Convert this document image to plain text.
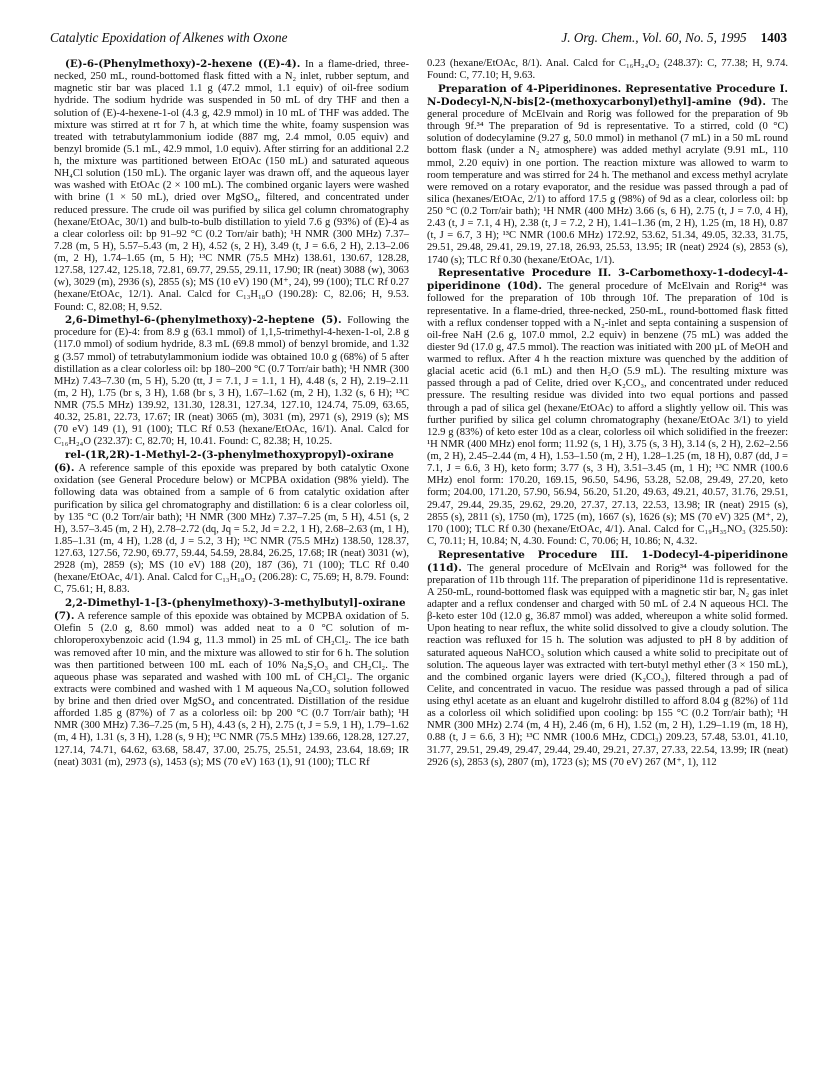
Catalytic Epoxidation of Alkenes with Oxone	J. Org. Chem., Vol. 60, No. 5, 1995 1403

(E)-6-(Phenylmethoxy)-2-hexene ((E)-4). In a flame-dried, three-necked, 250 mL, round-bottomed flask fitted with a N₂ inlet, rubber septum, and magnetic stir bar was placed 1.1 g (47.2 mmol, 1.1 equiv) of oil-free sodium hydride. The sodium hydride was suspended in 50 mL of dry THF and then a solution of (E)-4-hexene-1-ol (4.3 g, 42.9 mmol) in 10 mL of THF was added. The mixture was stirred at rt for 7 h, at which time the white, foamy suspension was treated with tetrabutylammonium iodide (887 mg, 2.4 mmol, 0.05 equiv) and benzyl bromide (5.1 mL, 42.9 mmol, 1.0 equiv). After stirring for an additional 2.2 h, the mixture was partitioned between EtOAc (150 mL) and saturated aqueous NH₄Cl solution (150 mL). The organic layer was drawn off, and the aqueous layer was washed with EtOAc (2 × 100 mL). The combined organic layers were washed with brine (1 × 50 mL), dried over MgSO₄, filtered, and concentrated under reduced pressure. The crude oil was purified by silica gel column chromatography (hexane/EtOAc, 30/1) and bulb-to-bulb distillation to yield 7.6 g (93%) of (E)-4 as a clear colorless oil: bp 91–92 °C (0.2 Torr/air bath); ¹H NMR (300 MHz) 7.37–7.28 (m, 5 H), 5.57–5.43 (m, 2 H), 4.52 (s, 2 H), 3.49 (t, J = 6.6, 2 H), 2.13–2.06 (m, 2 H), 1.74–1.65 (m, 5 H); ¹³C NMR (75.5 MHz) 138.61, 130.67, 128.28, 127.58, 127.42, 125.18, 72.81, 69.77, 29.55, 29.11, 17.90; IR (neat) 3088 (w), 3063 (w), 3029 (m), 2936 (s), 2855 (s); MS (10 eV) 190 (M⁺, 24), 99 (100); TLC Rf 0.27 (hexane/EtOAc, 12/1). Anal. Calcd for C₁₃H₁₈O (190.28): C, 82.06; H, 9.53. Found: C, 82.08; H, 9.52.

2,6-Dimethyl-6-(phenylmethoxy)-2-heptene (5). Following the procedure for (E)-4: from 8.9 g (63.1 mmol) of 1,1,5-trimethyl-4-hexen-1-ol, 2.8 g (117.0 mmol) of sodium hydride, 8.3 mL (69.8 mmol) of benzyl bromide, and 1.32 g (3.57 mmol) of tetrabutylammonium iodide was obtained 10.0 g (68%) of 5 after distillation as a clear colorless oil: bp 180–200 °C (0.7 Torr/air bath); ¹H NMR (300 MHz) 7.43–7.30 (m, 5 H), 5.20 (tt, J = 7.1, J = 1.1, 1 H), 4.48 (s, 2 H), 2.19–2.11 (m, 2 H), 1.75 (br s, 3 H), 1.68 (br s, 3 H), 1.67–1.62 (m, 2 H), 1.32 (s, 6 H); ¹³C NMR (75.5 MHz) 139.92, 131.30, 128.31, 127.34, 127.10, 124.74, 75.09, 63.65, 40.32, 25.81, 22.73, 17.67; IR (neat) 3065 (m), 3031 (m), 2971 (s), 2919 (s); MS (70 eV) 149 (1), 91 (100); TLC Rf 0.53 (hexane/EtOAc, 16/1). Anal. Calcd for C₁₆H₂₄O (232.37): C, 82.70; H, 10.41. Found: C, 82.38; H, 10.25.

rel-(1R,2R)-1-Methyl-2-(3-phenylmethoxypropyl)-oxirane (6). A reference sample of this epoxide was prepared by both catalytic Oxone oxidation (see General Procedure below) or MCPBA oxidation (98% yield). The following data was obtained from a sample of 6 from catalytic oxidation after purification by silica gel chromatography and distillation: 6 is a clear colorless oil, by 135 °C (0.2 Torr/air bath); ¹H NMR (300 MHz) 7.37–7.25 (m, 5 H), 4.51 (s, 2 H), 3.57–3.45 (m, 2 H), 2.78–2.72 (dq, Jq = 5.2, Jd = 2.2, 1 H), 2.68–2.63 (m, 1 H), 1.85–1.31 (m, 4 H), 1.28 (d, J = 5.2, 3 H); ¹³C NMR (75.5 MHz) 138.50, 128.37, 127.63, 127.56, 72.90, 69.77, 59.44, 54.59, 28.84, 26.25, 17.68; IR (neat) 3031 (w), 2928 (m), 2859 (s); MS (10 eV) 188 (20), 187 (36), 71 (100); TLC Rf 0.40 (hexane/EtOAc, 4/1). Anal. Calcd for C₁₃H₁₈O₂ (206.28): C, 75.69; H, 8.79. Found: C, 75.61; H, 8.83.

2,2-Dimethyl-1-[3-(phenylmethoxy)-3-methylbutyl]-oxirane (7). A reference sample of this epoxide was obtained by MCPBA oxidation of 5. Olefin 5 (2.0 g, 8.60 mmol) was added neat to a 0 °C solution of m-chloroperoxybenzoic acid (1.94 g, 11.3 mmol) in 25 mL of CH₂Cl₂. The ice bath was removed after 10 min, and the mixture was allowed to stir for 6 h. The solution was then partitioned between 100 mL each of 10% Na₂S₂O₃ and CH₂Cl₂. The aqueous phase was separated and washed with 100 mL of CH₂Cl₂. The organic extracts were combined and washed with 1 M aqueous Na₂CO₃ solution followed by brine and then dried over MgSO₄ and concentrated. Distillation of the residue afforded 1.85 g (87%) of 7 as a colorless oil: bp 200 °C (0.7 Torr/air bath); ¹H NMR (300 MHz) 7.36–7.25 (m, 5 H), 4.43 (s, 2 H), 2.75 (t, J = 5.9, 1 H), 1.79–1.62 (m, 4 H), 1.31 (s, 3 H), 1.28 (s, 9 H); ¹³C NMR (75.5 MHz) 139.66, 128.28, 127.27, 127.14, 74.71, 64.62, 63.68, 58.47, 37.00, 25.75, 25.51, 24.93, 23.64, 18.69; IR (neat) 3031 (m), 2973 (s), 1453 (s); MS (70 eV) 163 (1), 91 (100); TLC Rf

0.23 (hexane/EtOAc, 8/1). Anal. Calcd for C₁₆H₂₄O₂ (248.37): C, 77.38; H, 9.74. Found: C, 77.10; H, 9.63.

Preparation of 4-Piperidinones. Representative Procedure I. N-Dodecyl-N,N-bis[2-(methoxycarbonyl)ethyl]-amine (9d). The general procedure of McElvain and Rorig was followed for the preparation of 9b through 9f.³⁴ The preparation of 9d is representative. To a stirred, cold (0 °C) solution of dodecylamine (9.27 g, 50.0 mmol) in methanol (7 mL) in a 50 mL round bottom flask (under a N₂ atmosphere) was added methyl acrylate (9.91 mL, 110 mmol, 2.20 equiv) in one portion. The reaction mixture was allowed to warm to room temperature and was stirred for 24 h. The methanol and excess methyl acrylate were removed on a rotary evaporator, and the residue was passed through a pad of silica (hexanes/EtOAc, 2/1) to afford 17.5 g (98%) of 9d as a clear, colorless oil: bp 250 °C (0.2 Torr/air bath); ¹H NMR (400 MHz) 3.66 (s, 6 H), 2.75 (t, J = 7.0, 4 H), 2.43 (t, J = 7.1, 4 H), 2.38 (t, J = 7.2, 2 H), 1.41–1.36 (m, 2 H), 1.25 (m, 18 H), 0.87 (t, J = 6.7, 3 H); ¹³C NMR (100.6 MHz) 172.92, 53.62, 51.34, 49.05, 32.33, 31.75, 29.51, 29.48, 29.41, 29.19, 27.18, 26.93, 25.53, 13.95; IR (neat) 2924 (s), 2853 (s), 1740 (s); TLC Rf 0.30 (hexane/EtOAc, 1/1).

Representative Procedure II. 3-Carbomethoxy-1-dodecyl-4-piperidinone (10d). The general procedure of McElvain and Rorig³⁴ was followed for the preparation of 10b through 10f. The preparation of 10d is representative. In a flame-dried, three-necked, 250-mL, round-bottomed flask fitted with a reflux condenser topped with a N₂-inlet and septa containing a suspension of oil-free NaH (2.6 g, 107.0 mmol, 2.2 equiv) in benzene (75 mL) was added the diester 9d (17.0 g, 47.5 mmol). The reaction was initiated with 200 µL of MeOH and warmed to reflux. After 4 h the reaction mixture was quenched by the addition of glacial acetic acid (6.1 mL) and then H₂O (5.9 mL). The resulting mixture was passed through a pad of Celite, dried over K₂CO₃, and concentrated under reduced pressure. The resulting residue was divided into two equal portions and passed through a pad of silica gel (hexane/EtOAc) to afford a slightly yellow oil. This was further purified by silica gel column chromatography (hexane/EtOAc 3/1) to yield 12.9 g (83%) of keto ester 10d as a clear, colorless oil which solidified in the freezer: ¹H NMR (400 MHz) enol form; 11.92 (s, 1 H), 3.75 (s, 3 H), 3.14 (s, 2 H), 2.62–2.56 (m, 2 H), 2.45–2.44 (m, 4 H), 1.53–1.50 (m, 2 H), 1.28–1.25 (m, 18 H), 0.87 (dd, J = 7.1, J = 6.6, 3 H), keto form; 3.77 (s, 3 H), 3.51–3.45 (m, 1 H); ¹³C NMR (100.6 MHz) enol form: 170.20, 169.15, 96.50, 54.96, 53.28, 52.08, 29.49, 27.20, keto form; 204.00, 171.20, 57.90, 56.94, 56.20, 51.20, 49.63, 49.21, 40.57, 31.76, 29.51, 29.47, 29.44, 29.35, 29.62, 29.20, 27.37, 27.13, 22.53, 13.98; IR (neat) 2915 (s), 2855 (s), 2811 (s), 1750 (m), 1725 (m), 1667 (s), 1626 (s); MS (70 eV) 325 (M⁺, 2), 170 (100); TLC Rf 0.30 (hexane/EtOAc, 4/1). Anal. Calcd for C₁₉H₃₅NO₃ (325.50): C, 70.11; H, 10.84; N, 4.30. Found: C, 70.06; H, 10.86; N, 4.32.

Representative Procedure III. 1-Dodecyl-4-piperidinone (11d). The general procedure of McElvain and Rorig³⁴ was followed for the preparation of 11b through 11f. The preparation of piperidinone 11d is representative. A 250-mL, round-bottomed flask was equipped with a magnetic stir bar, N₂ gas inlet adapter and a reflux condenser and charged with 50 mL of 2.4 N aqueous HCl. The β-keto ester 10d (12.0 g, 36.87 mmol) was added, whereupon a white solid formed. Upon heating to near reflux, the white solid dissolved to give a cloudy solution. The reaction was refluxed for 15 h. The solution was adjusted to pH 8 by addition of saturated aqueous NaHCO₃ solution which caused a white solid to precipitate out of solution. The aqueous layer was extracted with tert-butyl methyl ether (3 × 150 mL), and the combined organic layers were dried (K₂CO₃), filtered through a pad of Celite, and concentrated in vacuo. The residue was passed through a pad of silica using ethyl acetate as an eluant and kugelrohr distilled to afford 8.04 g (82%) of 11d as a colorless oil which solidified upon cooling: bp 155 °C (0.2 Torr/air bath); ¹H NMR (300 MHz) 2.74 (m, 4 H), 2.46 (m, 6 H), 1.52 (m, 2 H), 1.29–1.19 (m, 18 H), 0.88 (t, J = 6.6, 3 H); ¹³C NMR (100.6 MHz, CDCl₃) 209.23, 57.48, 53.01, 41.10, 31.77, 29.51, 29.49, 29.47, 29.44, 29.40, 29.21, 27.37, 27.33, 22.54, 13.99; IR (neat) 2926 (s), 2853 (s), 2807 (m), 1723 (s); MS (70 eV) 267 (M⁺, 1), 112
